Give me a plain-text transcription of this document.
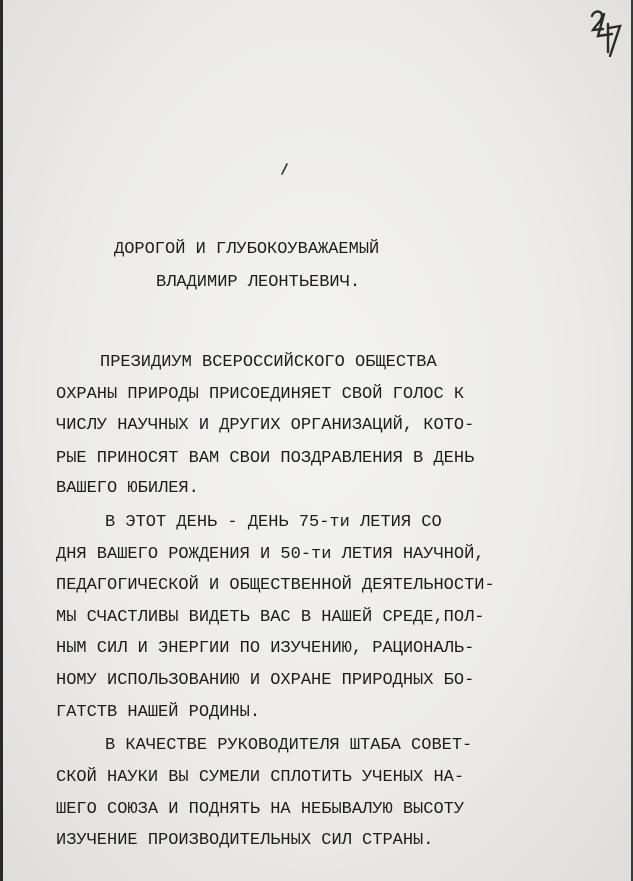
ДОРОГОЙ И ГЛУБОКОУВАЖАЕМЫЙ

ВЛАДИМИР ЛЕОНТЬЕВИЧ.

ПРЕЗИДИУМ ВСЕРОССИЙСКОГО ОБЩЕСТВА

ОХРАНЫ ПРИРОДЫ ПРИСОЕДИНЯЕТ СВОЙ ГОЛОС К

ЧИСЛУ НАУЧНЫХ И ДРУГИХ ОРГАНИЗАЦИЙ, КОТО-

РЫЕ ПРИНОСЯТ ВАМ СВОИ ПОЗДРАВЛЕНИЯ В ДЕНЬ

ВАШЕГО ЮБИЛЕЯ.

В ЭТОТ ДЕНЬ - ДЕНЬ 75-ти ЛЕТИЯ СО

ДНЯ ВАШЕГО РОЖДЕНИЯ И 50-ти ЛЕТИЯ НАУЧНОЙ,

ПЕДАГОГИЧЕСКОЙ И ОБЩЕСТВЕННОЙ ДЕЯТЕЛЬНОСТИ-

МЫ СЧАСТЛИВЫ ВИДЕТЬ ВАС В НАШЕЙ СРЕДЕ,ПОЛ-

НЫМ СИЛ И ЭНЕРГИИ ПО ИЗУЧЕНИЮ, РАЦИОНАЛЬ-

НОМУ ИСПОЛЬЗОВАНИЮ И ОХРАНЕ ПРИРОДНЫХ БО-

ГАТСТВ НАШЕЙ РОДИНЫ.

В КАЧЕСТВЕ РУКОВОДИТЕЛЯ ШТАБА СОВЕТ-

СКОЙ НАУКИ ВЫ СУМЕЛИ СПЛОТИТЬ УЧЕНЫХ НА-

ШЕГО СОЮЗА И ПОДНЯТЬ НА НЕБЫВАЛУЮ ВЫСОТУ

ИЗУЧЕНИЕ ПРОИЗВОДИТЕЛЬНЫХ СИЛ СТРАНЫ.
